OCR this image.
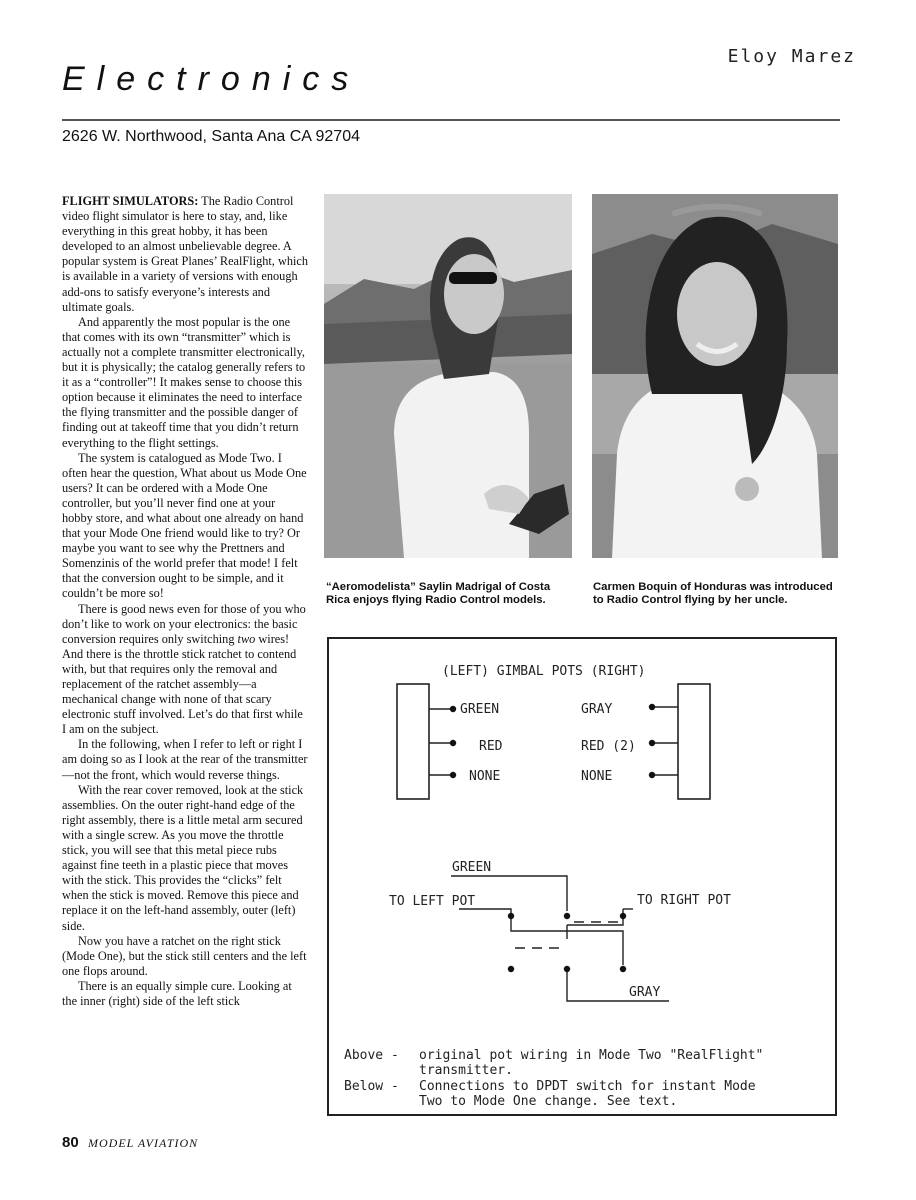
Eloy Marez
Electronics
2626 W. Northwood, Santa Ana CA 92704

FLIGHT SIMULATORS: The Radio Control video flight simulator is here to stay, and, like everything in this great hobby, it has been developed to an almost unbelievable degree. A popular system is Great Planes’ RealFlight, which is available in a variety of versions with enough add-ons to satisfy everyone’s interests and ultimate goals.

And apparently the most popular is the one that comes with its own “transmitter” which is actually not a complete transmitter electronically, but it is physically; the catalog generally refers to it as a “controller”! It makes sense to choose this option because it eliminates the need to interface the flying transmitter and the possible danger of finding out at takeoff time that you didn’t return everything to the flight settings.

The system is catalogued as Mode Two. I often hear the question, What about us Mode One users? It can be ordered with a Mode One controller, but you’ll never find one at your hobby store, and what about one already on hand that your Mode One friend would like to try? Or maybe you want to see why the Prettners and Somenzinis of the world prefer that mode! I felt that the conversion ought to be simple, and it couldn’t be more so!

There is good news even for those of you who don’t like to work on your electronics: the basic conversion requires only switching two wires! And there is the throttle stick ratchet to contend with, but that requires only the removal and replacement of the ratchet assembly—a mechanical change with none of that scary electronic stuff involved. Let’s do that first while I am on the subject.

In the following, when I refer to left or right I am doing so as I look at the rear of the transmitter—not the front, which would reverse things.

With the rear cover removed, look at the stick assemblies. On the outer right-hand edge of the right assembly, there is a little metal arm secured with a single screw. As you move the throttle stick, you will see that this metal piece rubs against fine teeth in a plastic piece that moves with the stick. This provides the “clicks” felt when the stick is moved. Remove this piece and replace it on the left-hand assembly, outer (left) side.

Now you have a ratchet on the right stick (Mode One), but the stick still centers and the left one flops around.

There is an equally simple cure. Looking at the inner (right) side of the left stick

“Aeromodelista” Saylin Madrigal of Costa Rica enjoys flying Radio Control models.
Carmen Boquin of Honduras was introduced to Radio Control flying by her uncle.
(LEFT) GIMBAL POTS (RIGHT)
GREEN
RED
NONE
GRAY
RED (2)
NONE
GREEN
TO LEFT POT	TO RIGHT POT
GRAY
Above - original pot wiring in Mode Two "RealFlight"
transmitter.
Below - Connections to DPDT switch for instant Mode
Two to Mode One change. See text.
80 MODEL AVIATION
